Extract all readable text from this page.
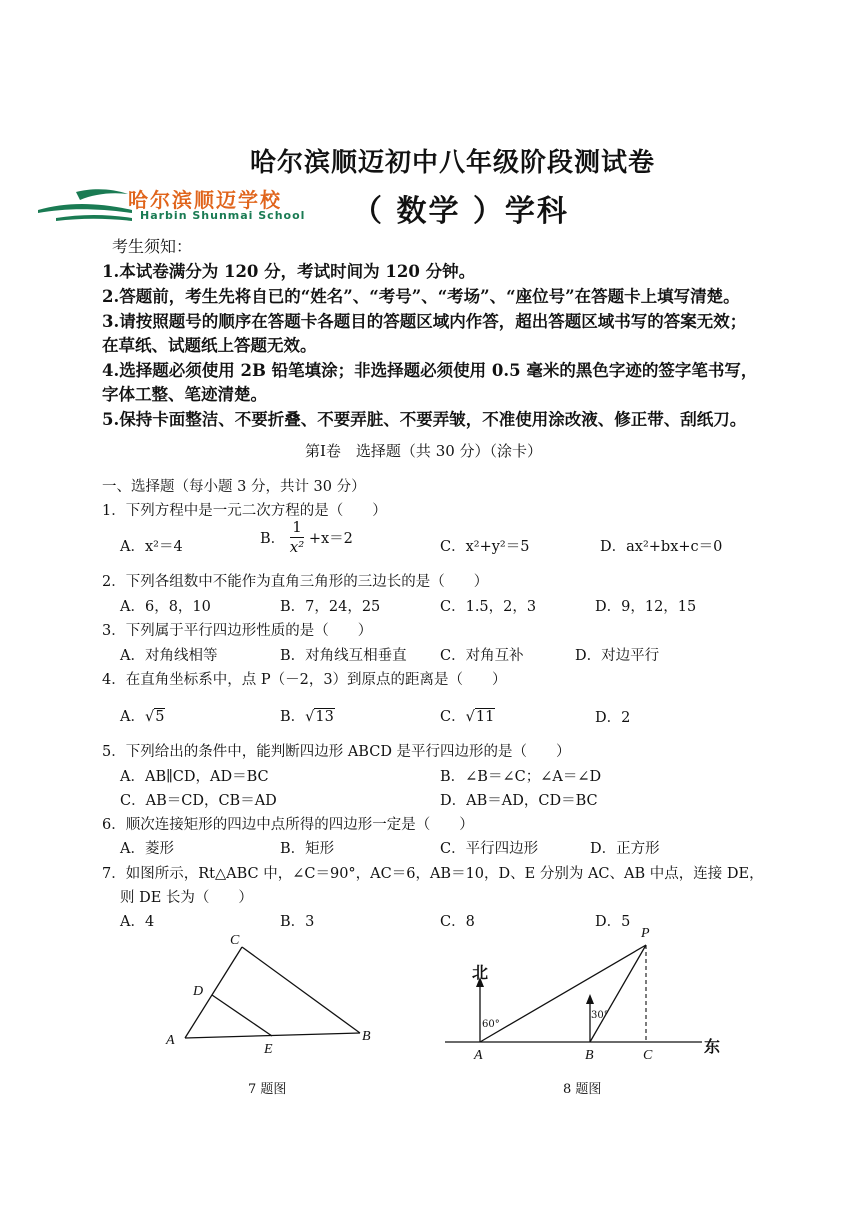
哈尔滨顺迈学校
Harbin Shunmai School
哈尔滨顺迈初中八年级阶段测试卷
（ 数学 ）学科
考生须知：
1.本试卷满分为 120 分，考试时间为 120 分钟。
2.答题前，考生先将自已的“姓名”、“考号”、“考场”、“座位号”在答题卡上填写清楚。
3.请按照题号的顺序在答题卡各题目的答题区域内作答，超出答题区域书写的答案无效；
在草纸、试题纸上答题无效。
4.选择题必须使用 2B 铅笔填涂；非选择题必须使用 0.5 毫米的黑色字迹的签字笔书写，
字体工整、笔迹清楚。
5.保持卡面整洁、不要折叠、不要弄脏、不要弄皱，不准使用涂改液、修正带、刮纸刀。
第Ⅰ卷　选择题（共 30 分）（涂卡）
一、选择题（每小题 3 分，共计 30 分）
1．下列方程中是一元二次方程的是（　　）
A．x²＝4	B． $\frac{1}{\text{x²}} +x=2$	C．x²+y²＝5	D．ax²+bx+c＝0
2．下列各组数中不能作为直角三角形的三边长的是（　　）
A．6，8，10	B．7，24，25	C．1.5，2，3	D．9，12，15
3．下列属于平行四边形性质的是（　　）
A．对角线相等	B．对角线互相垂直 C．对角互补	D．对边平行
4．在直角坐标系中，点 P（－2，3）到原点的距离是（　　）
A．√5	B．√13	C．√11	D．2
5．下列给出的条件中，能判断四边形 ABCD 是平行四边形的是（　　）
A．AB∥CD，AD＝BC	B．∠B＝∠C；∠A＝∠D
C．AB＝CD，CB＝AD	D．AB＝AD，CD＝BC
6．顺次连接矩形的四边中点所得的四边形一定是（　　）
A．菱形	B．矩形	C．平行四边形	D．正方形
7．如图所示，Rt△ABC 中，∠C＝90°，AC＝6，AB＝10，D、E 分别为 AC、AB 中点，连接 DE，
则 DE 长为（　　）
A．4	B．3	C．8	D．5
C
D
A
E
B
7 题图
P
北
60°
30°
A	B	C	东
8 题图
